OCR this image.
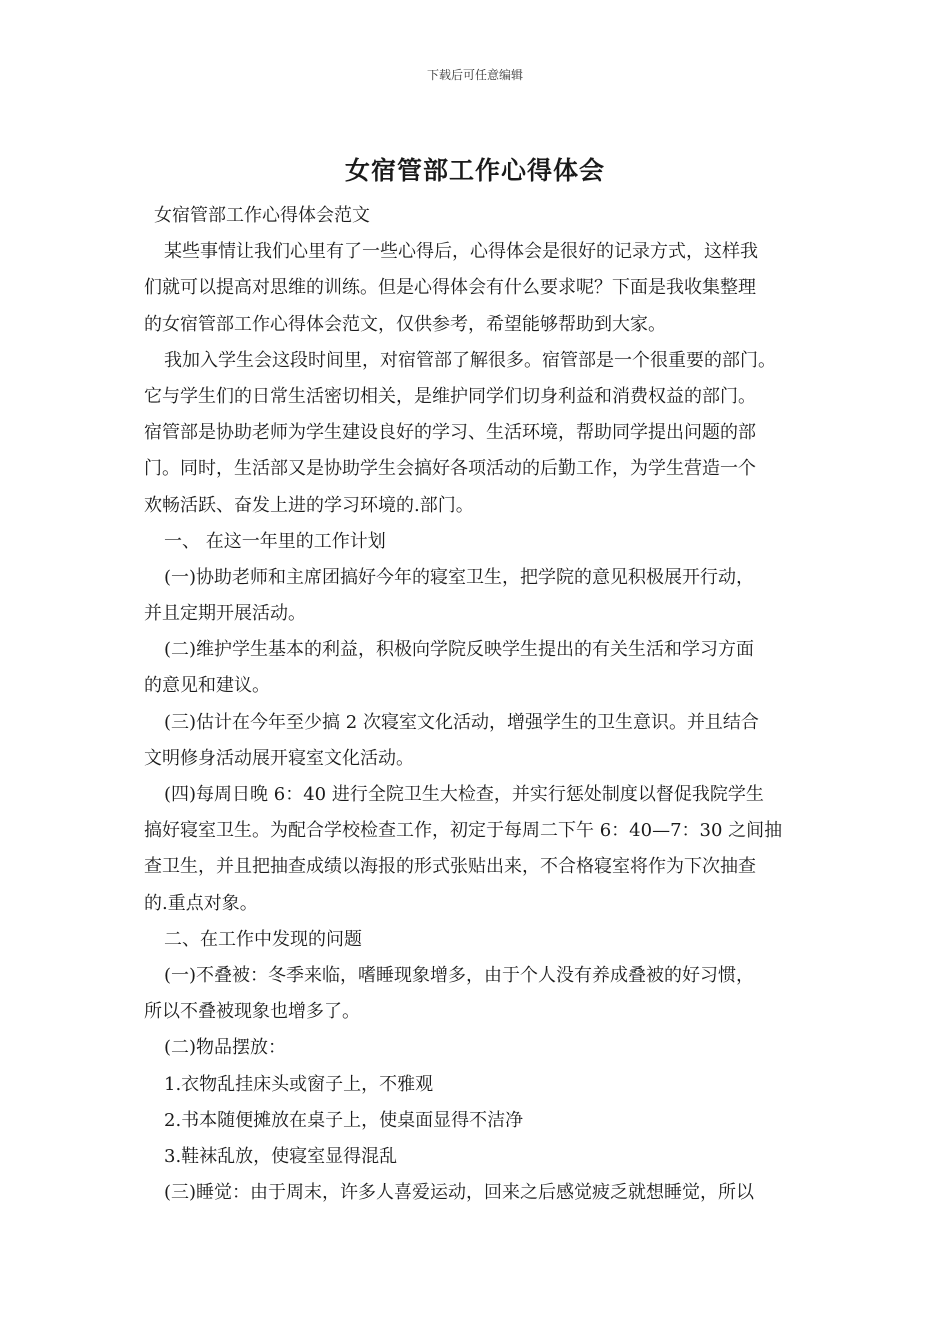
下载后可任意编辑
女宿管部工作心得体会
女宿管部工作心得体会范文
某些事情让我们心里有了一些心得后，心得体会是很好的记录方式，这样我
们就可以提高对思维的训练。但是心得体会有什么要求呢？下面是我收集整理
的女宿管部工作心得体会范文，仅供参考，希望能够帮助到大家。
我加入学生会这段时间里，对宿管部了解很多。宿管部是一个很重要的部门。
它与学生们的日常生活密切相关，是维护同学们切身利益和消费权益的部门。
宿管部是协助老师为学生建设良好的学习、生活环境，帮助同学提出问题的部
门。同时，生活部又是协助学生会搞好各项活动的后勤工作，为学生营造一个
欢畅活跃、奋发上进的学习环境的.部门。
一、 在这一年里的工作计划
(一)协助老师和主席团搞好今年的寝室卫生，把学院的意见积极展开行动，
并且定期开展活动。
(二)维护学生基本的利益，积极向学院反映学生提出的有关生活和学习方面
的意见和建议。
(三)估计在今年至少搞 2 次寝室文化活动，增强学生的卫生意识。并且结合
文明修身活动展开寝室文化活动。
(四)每周日晚 6：40 进行全院卫生大检查，并实行惩处制度以督促我院学生
搞好寝室卫生。为配合学校检查工作，初定于每周二下午 6：40—7：30 之间抽
查卫生，并且把抽查成绩以海报的形式张贴出来，不合格寝室将作为下次抽查
的.重点对象。
二、在工作中发现的问题
(一)不叠被：冬季来临，嗜睡现象增多，由于个人没有养成叠被的好习惯，
所以不叠被现象也增多了。
(二)物品摆放：
1.衣物乱挂床头或窗子上，不雅观
2.书本随便摊放在桌子上，使桌面显得不洁净
3.鞋袜乱放，使寝室显得混乱
(三)睡觉：由于周末，许多人喜爱运动，回来之后感觉疲乏就想睡觉，所以
